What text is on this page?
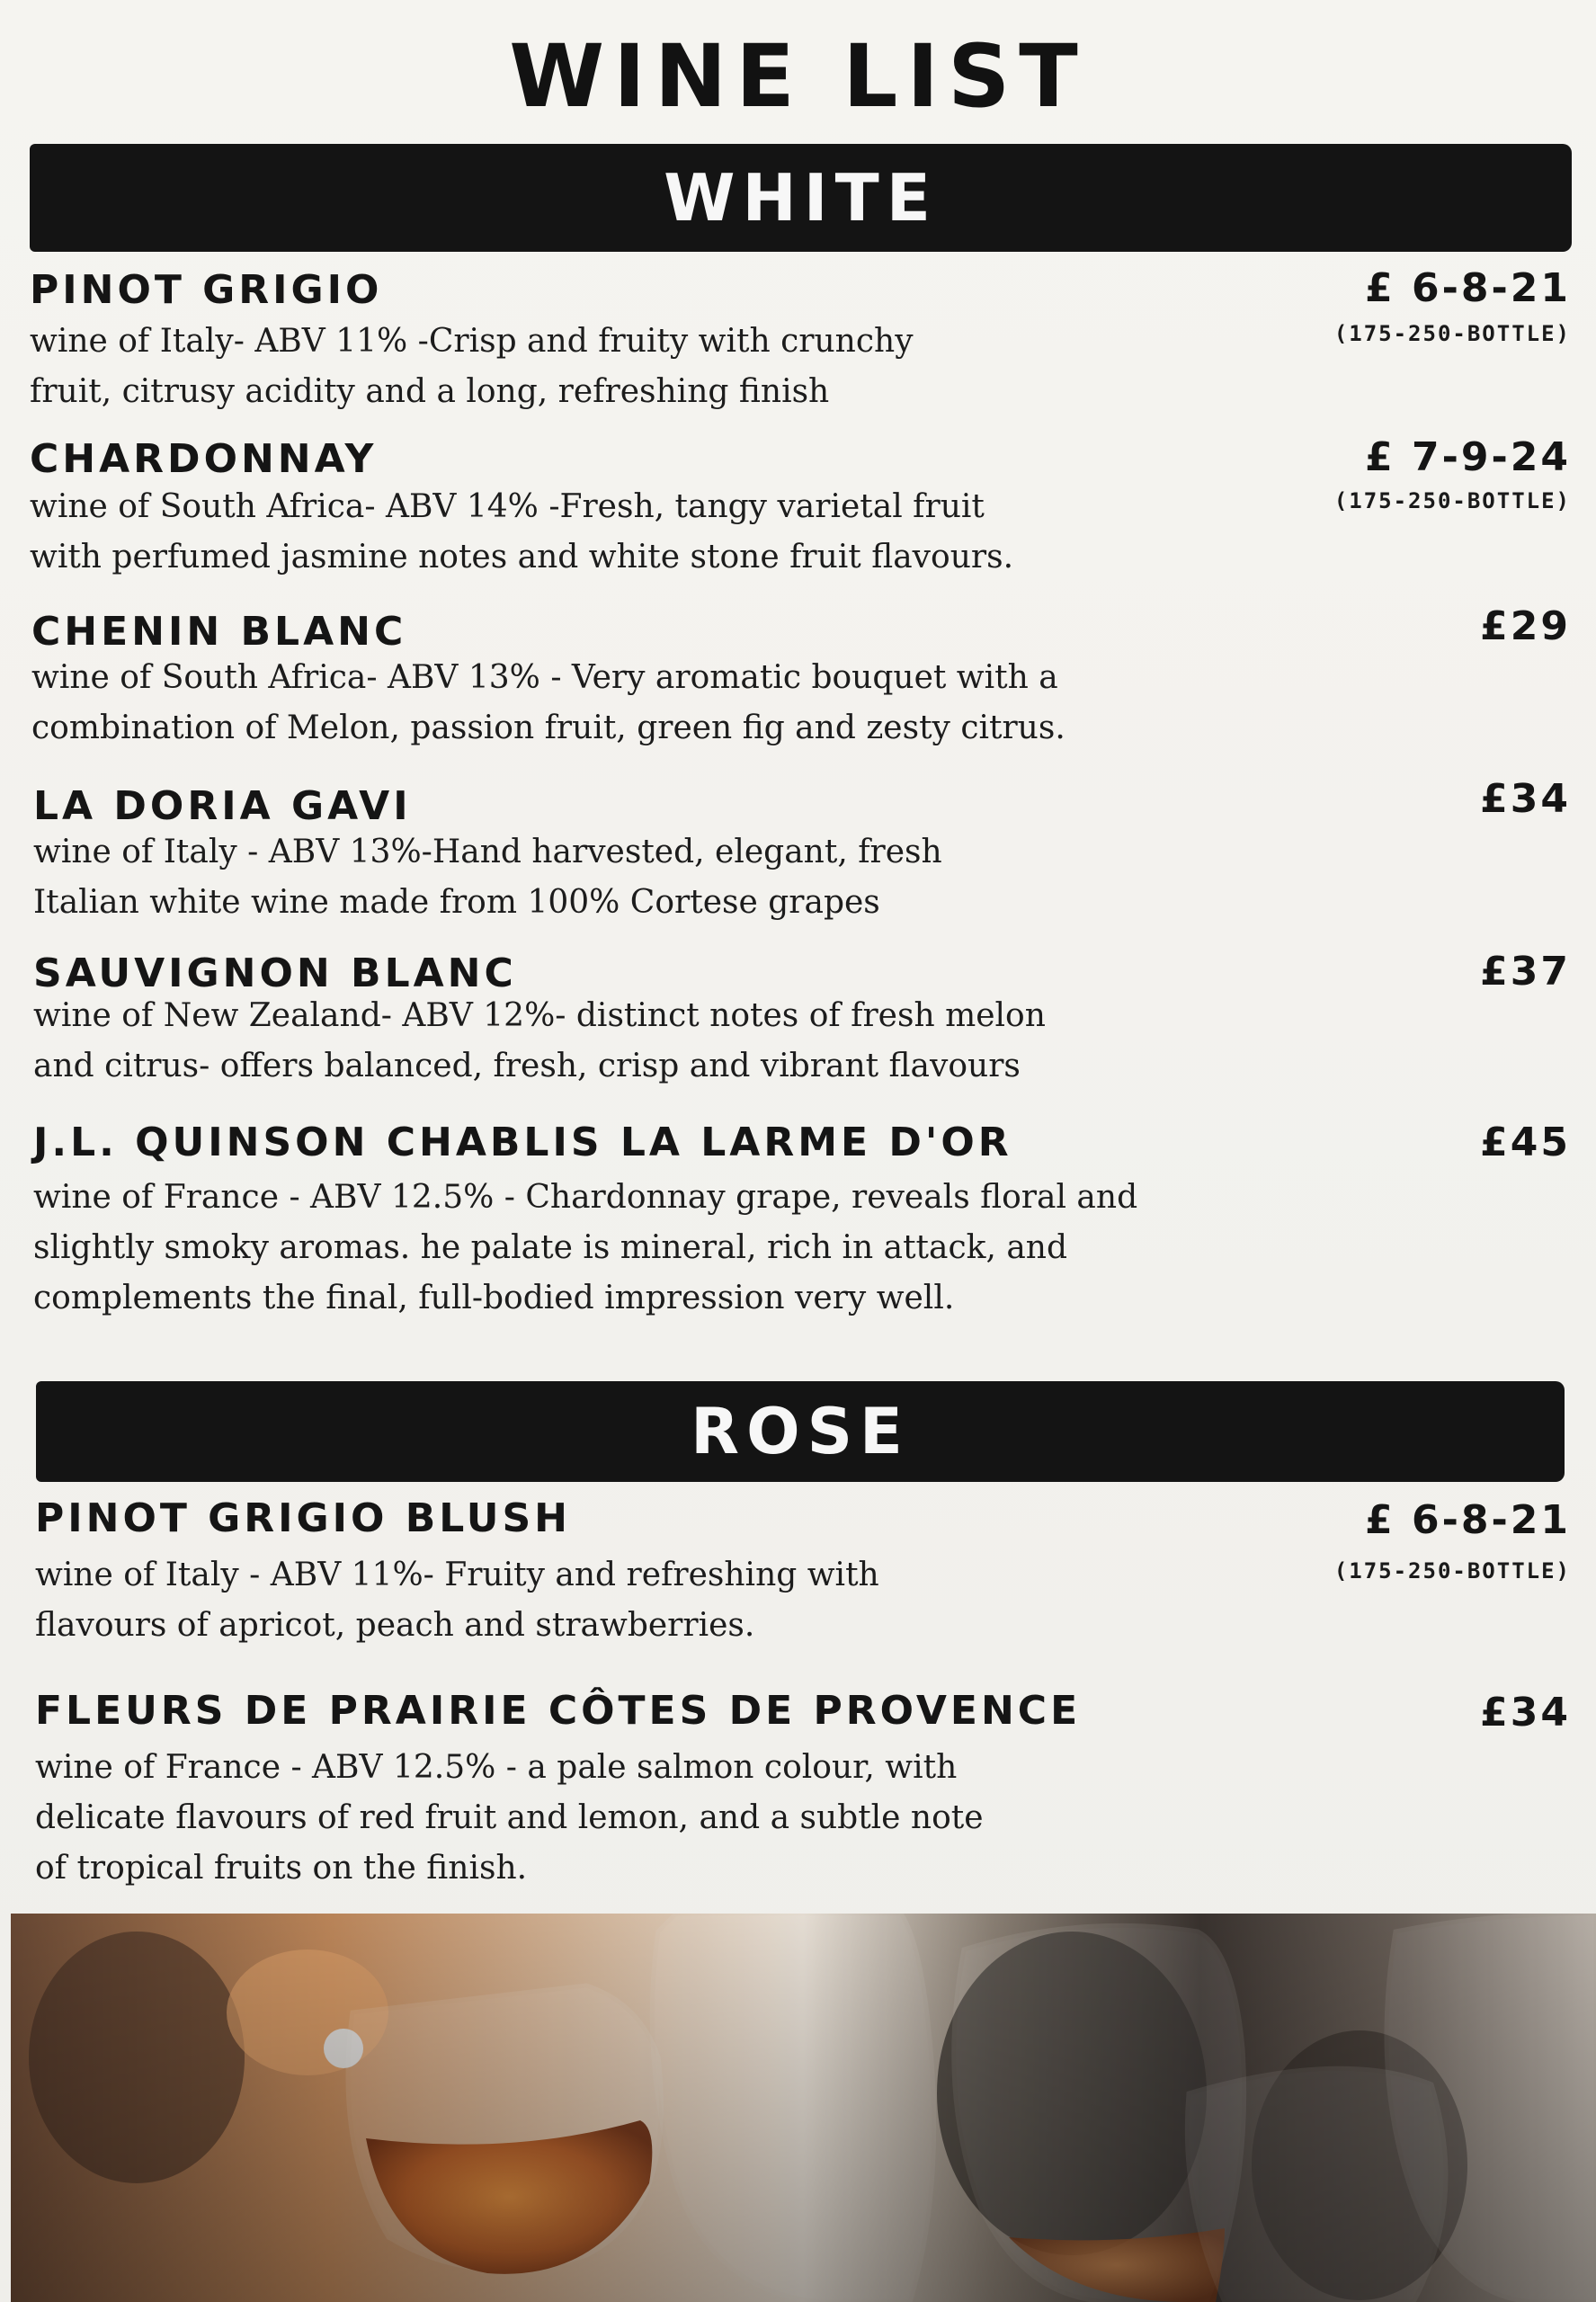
WINE LIST
WHITE
PINOT GRIGIO	£ 6-8-21
(175-250-BOTTLE)
wine of Italy- ABV 11% -Crisp and fruity with crunchy
fruit, citrusy acidity and a long, refreshing finish
CHARDONNAY	£ 7-9-24
(175-250-BOTTLE)
wine of South Africa- ABV 14% -Fresh, tangy varietal fruit
with perfumed jasmine notes and white stone fruit flavours.
CHENIN BLANC	£29
wine of South Africa- ABV 13% - Very aromatic bouquet with a
combination of Melon, passion fruit, green fig and zesty citrus.
LA DORIA GAVI	£34
wine of Italy - ABV 13%-Hand harvested, elegant, fresh
Italian white wine made from 100% Cortese grapes
SAUVIGNON BLANC	£37
wine of New Zealand- ABV 12%- distinct notes of fresh melon
and citrus- offers balanced, fresh, crisp and vibrant flavours
J.L. QUINSON CHABLIS LA LARME D'OR	£45
wine of France - ABV 12.5% - Chardonnay grape, reveals floral and
slightly smoky aromas. he palate is mineral, rich in attack, and
complements the final, full-bodied impression very well.
ROSE
PINOT GRIGIO BLUSH	£ 6-8-21
(175-250-BOTTLE)
wine of Italy - ABV 11%- Fruity and refreshing with
flavours of apricot, peach and strawberries.
FLEURS DE PRAIRIE CÔTES DE PROVENCE	£34
wine of France - ABV 12.5% - a pale salmon colour, with
delicate flavours of red fruit and lemon, and a subtle note
of tropical fruits on the finish.
